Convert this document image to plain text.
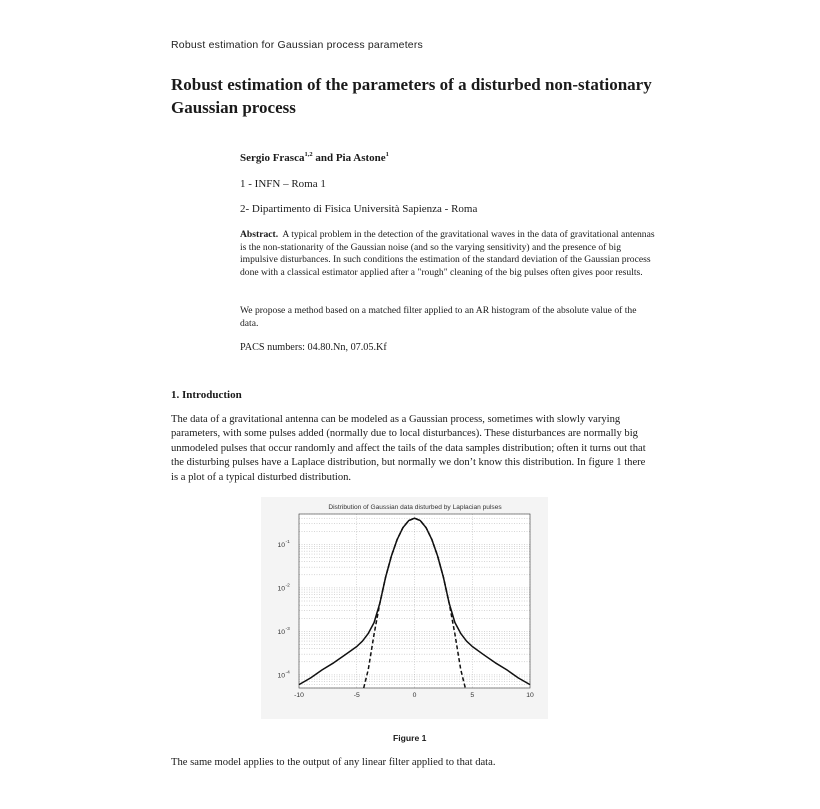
Robust estimation for Gaussian process parameters
Robust estimation of the parameters of a disturbed non-stationary Gaussian process
Sergio Frasca$^{1,2}$ and Pia Astone$^1$
1 - INFN – Roma 1
2- Dipartimento di Fisica Università Sapienza - Roma

Abstract. A typical problem in the detection of the gravitational waves in the data of gravitational antennas is the non-stationarity of the Gaussian noise (and so the varying sensitivity) and the presence of big impulsive disturbances. In such conditions the estimation of the standard deviation of the Gaussian process done with a classical estimator applied after a "rough" cleaning of the big pulses often gives poor results.

We propose a method based on a matched filter applied to an AR histogram of the absolute value of the data.

PACS numbers: 04.80.Nn, 07.05.Kf

1. Introduction

The data of a gravitational antenna can be modeled as a Gaussian process, sometimes with slowly varying parameters, with some pulses added (normally due to local disturbances). These disturbances are normally big unmodeled pulses that occur randomly and affect the tails of the data samples distribution; often it turns out that the disturbing pulses have a Laplace distribution, but normally we don’t know this distribution. In figure 1 there is a plot of a typical disturbed distribution.

Distribution of Gaussian data disturbed by Laplacian pulses
-10	-5	0	5	10
10 -1
10 -2
10 -3
10 -4
Figure 1

The same model applies to the output of any linear filter applied to that data.
